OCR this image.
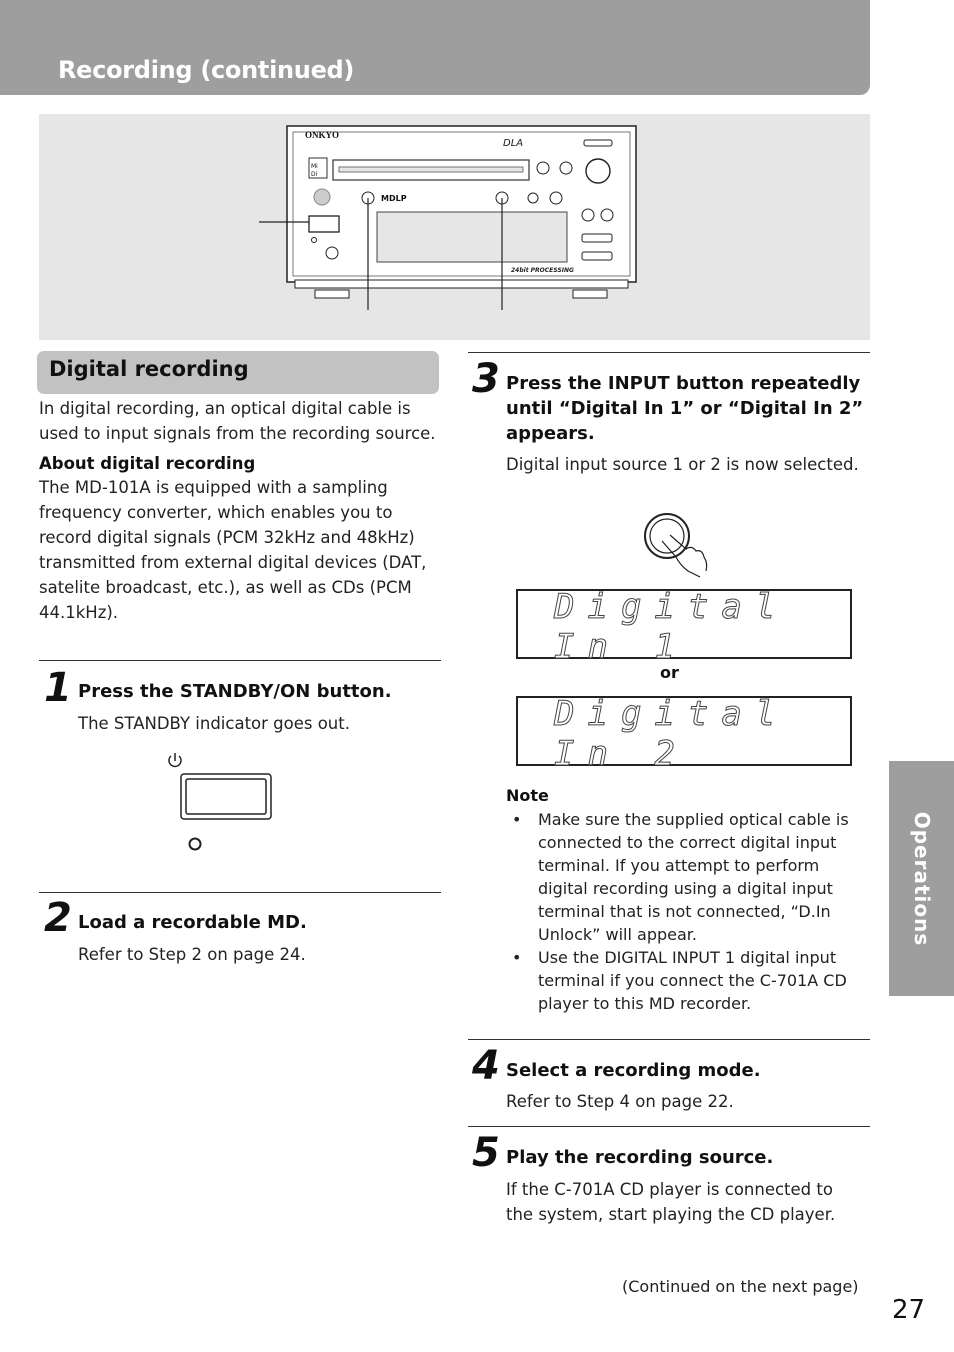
Recording (continued)
ONKYO
Mi
Di
DLA
MDLP
24bit PROCESSING
Digital recording
In digital recording, an optical digital cable is used to input signals from the recording source.
About digital recording
The MD-101A is equipped with a sampling frequency converter, which enables you to record digital signals (PCM 32kHz and 48kHz) transmitted from external digital devices (DAT, satelite broadcast, etc.), as well as CDs (PCM 44.1kHz).
1 Press the STANDBY/ON button.
The STANDBY indicator goes out.
2 Load a recordable MD.
Refer to Step 2 on page 24.
3 Press the INPUT button repeatedly until “Digital In 1” or “Digital In 2” appears.
Digital input source 1 or 2 is now selected.
Digital In 1
or
Digital In 2
Note
• Make sure the supplied optical cable is connected to the correct digital input terminal. If you attempt to perform digital recording using a digital input terminal that is not connected, “D.In Unlock” will appear.
• Use the DIGITAL INPUT 1 digital input terminal if you connect the C-701A CD player to this MD recorder.
4 Select a recording mode.
Refer to Step 4 on page 22.
5 Play the recording source.
If the C-701A CD player is connected to the system, start playing the CD player.
Operations
(Continued on the next page)
27
